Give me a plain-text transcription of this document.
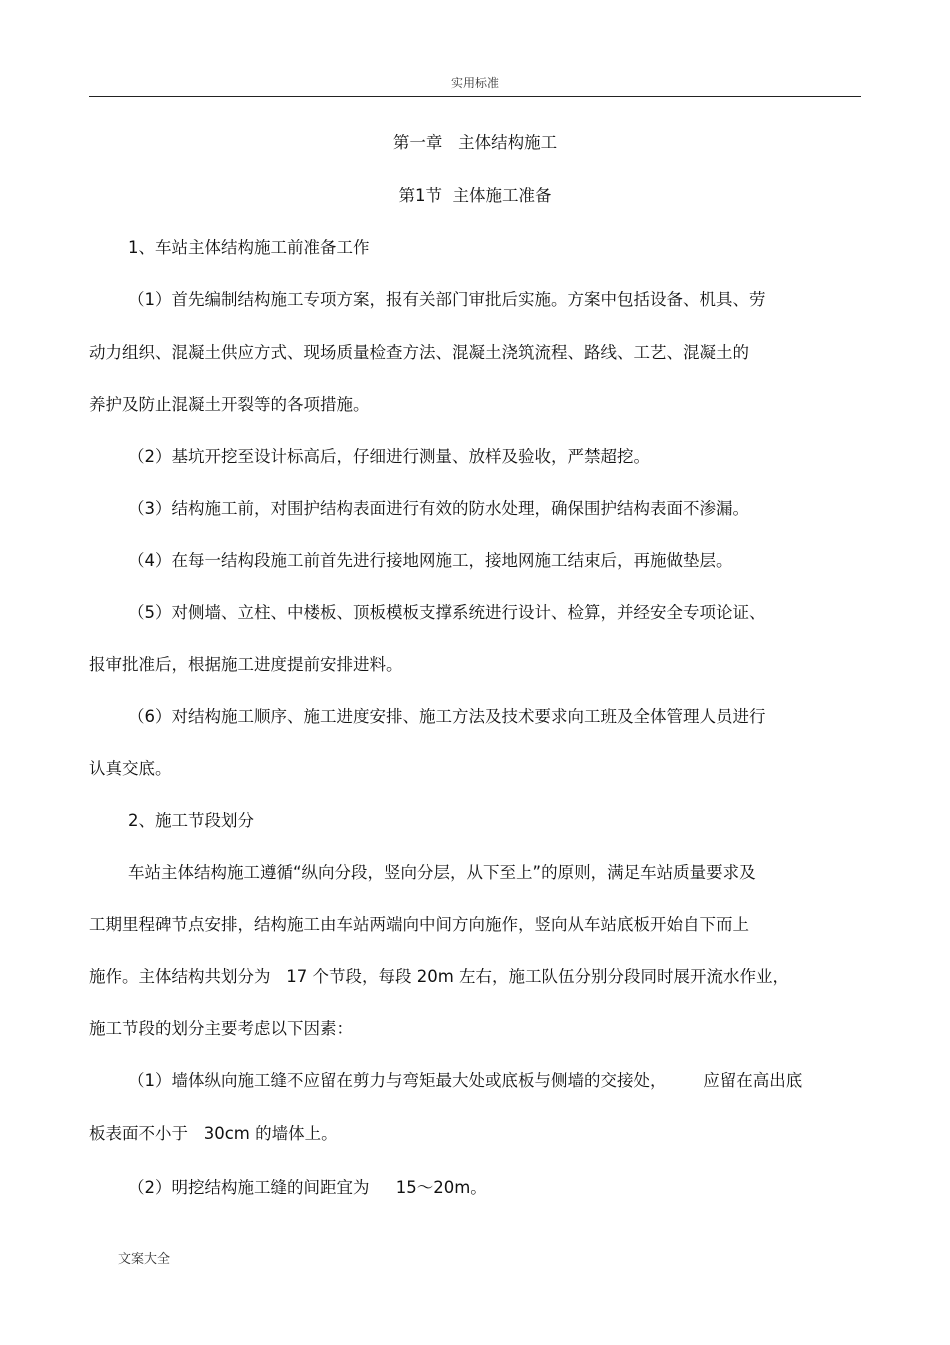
实用标准
第一章   主体结构施工
第1节  主体施工准备
1、车站主体结构施工前准备工作
（1）首先编制结构施工专项方案，报有关部门审批后实施。方案中包括设备、机具、劳
动力组织、混凝土供应方式、现场质量检查方法、混凝土浇筑流程、路线、工艺、混凝土的
养护及防止混凝土开裂等的各项措施。
（2）基坑开挖至设计标高后，仔细进行测量、放样及验收，严禁超挖。
（3）结构施工前，对围护结构表面进行有效的防水处理，确保围护结构表面不渗漏。
（4）在每一结构段施工前首先进行接地网施工，接地网施工结束后，再施做垫层。
（5）对侧墙、立柱、中楼板、顶板模板支撑系统进行设计、检算，并经安全专项论证、
报审批准后，根据施工进度提前安排进料。
（6）对结构施工顺序、施工进度安排、施工方法及技术要求向工班及全体管理人员进行
认真交底。
2、施工节段划分
车站主体结构施工遵循“纵向分段，竖向分层，从下至上”的原则，满足车站质量要求及
工期里程碑节点安排，结构施工由车站两端向中间方向施作，竖向从车站底板开始自下而上
施作。主体结构共划分为   17 个节段，每段 20m 左右，施工队伍分别分段同时展开流水作业，
施工节段的划分主要考虑以下因素：
（1）墙体纵向施工缝不应留在剪力与弯矩最大处或底板与侧墙的交接处，       应留在高出底
板表面不小于   30cm 的墙体上。
（2）明挖结构施工缝的间距宜为     15～20m。
文案大全
